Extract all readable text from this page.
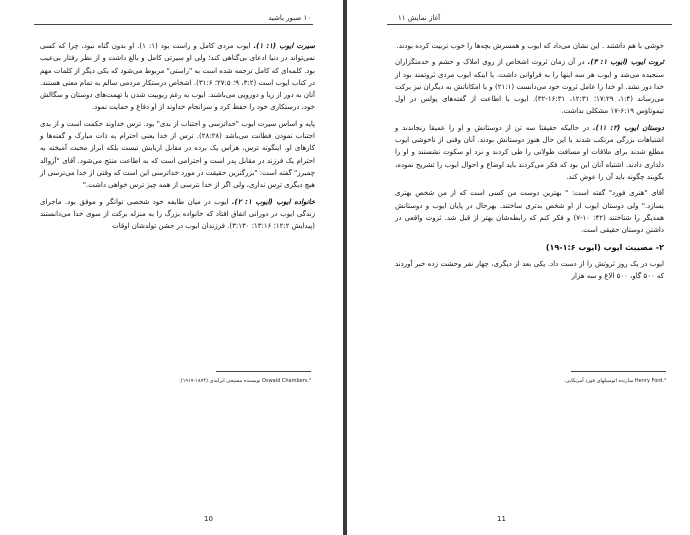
۱۰ صبور باشید

سیرت ایوب (۱: ۱). ایوب مردی کامل و راست بود (۱: ۱). او بدون گناه نبود، چرا که کسی نمی‌تواند در دنیا ادعای بی‌گناهی کند؛ ولی او سیرتی کامل و بالغ داشت و از نظر رفتار بی‌عیب بود. کلمه‌ای که کامل ترجمه شده است به "راستی" مربوط می‌شود که یکی دیگر از کلمات مهم در کتاب ایوب است (۳:۲، ۹؛ ۲۷:۵؛ ۳۱:۶). اشخاص درستکار مردمی سالم به تمام معنی هستند. آنان به دور از ریا و دورویی می‌باشند. ایوب به رغم ربوبیت شدن با تهمت‌های دوستان و سگالش خود، درستکاری خود را حفظ کرد و سرانجام خداوند از او دفاع و حمایت نمود.

پایه و اساس سیرت ایوب "خداترسی و اجتناب از بدی" بود. ترس خداوند حکمت است و از بدی اجتناب نمودن فطانت می‌باشد (۲۸:۲۸). ترس از خدا یعنی احترام به ذات مبارک و گفته‌ها و کارهای او. اینگونه ترس، هراس یک برده در مقابل اربابش نیست بلکه ابراز محبت آمیخته به احترام یک فرزند در مقابل پدر است و احترامی است که به اطاعت منتج می‌شود. آقای "آزوالد چمبرز" گفته است: "بزرگترین حقیقت در مورد خداترسی این است که وقتی از خدا می‌ترسی از هیچ دیگری ترس نداری، ولی اگر از خدا نترسی از همه چیز ترس خواهی داشت."

خانواده ایوب (ایوب ۱: ۲). ایوب در میان طایفه خود شخصی توانگر و موفق بود. ماجرای زندگی ایوب در دورانی اتفاق افتاد که خانواده بزرگ را به منزله برکت از سوی خدا می‌دانستند (پیدایش ۱۲:۲؛ ۱۳:۱۶؛ ۳:۱۳۰). فرزندان ایوب در جشن تولدشان اوقات

Oswald Chambers.³ نویسنده مسیحی ایرلندی (۱۸۷۴-۱۹۱۷).
10
آغاز نمایش ۱۱

خوشی با هم داشتند . این نشان می‌داد که ایوب و همسرش بچه‌ها را خوب تربیت کرده بودند.

ثروت ایوب (ایوب ۱: ۳). در آن زمان ثروت اشخاص از روی املاک و حشم و خدمتگزاران سنجیده می‌شد و ایوب هر سه اینها را به فراوانی داشت. با اینکه ایوب مردی ثروتمند بود از خدا دور نشد. او خدا را عامل ثروت خود می‌دانست (۲۱:۱) و با امکاناتش به دیگران نیز برکت می‌رساند (۱:۴، ۱۷:۲۹؛ ۱۲:۳۱، ۱۶:۳۱-۳۲). ایوب با اطاعت از گفته‌های پولس در اول تیموتاؤس ۶:۱۹-۱۷ مشکلی نداشت.

دوستان ایوب (۲: ۱۱). در حالیکه حقیقتا سه تن از دوستانش و او را عمیقا رنجاندند و اشتباهات بزرگی مرتکب شدند با این حال هنوز دوستانش بودند. آنان وقتی از ناخوشی ایوب مطلع شدند برای ملاقات او مسافت طولانی را طی کردند و نزد او سکوت نشستند و او را دلداری دادند. اشتباه آنان این بود که فکر می‌کردند باید اوضاع و احوال ایوب را تشریح نموده، بگویند چگونه باید آن را عوض کند.

آقای "هنری فورد" گفته است: " بهترین دوست من کسی است که از من شخص بهتری بسازد." ولی دوستان ایوب از او شخص بدتری ساختند. بهرحال در پایان ایوب و دوستانش همدیگر را شناختند (۴۲: ۱۰-۷) و فکر کنم که رابطه‌شان بهتر از قبل شد. ثروت واقعی در داشتن دوستان حقیقی است.

۲- مصیبت ایوب (ایوب ۱:۶-۱۹)

ایوب در یک روز ثروتش را از دست داد. یکی بعد از دیگری، چهار نفر وحشت زده خبر آوردند که ۵۰۰ گاو، ۵۰۰ الاغ و سه هزار

Henry Ford.⁴ سازنده اتومبیلهای فورد آمریکایی.
11
